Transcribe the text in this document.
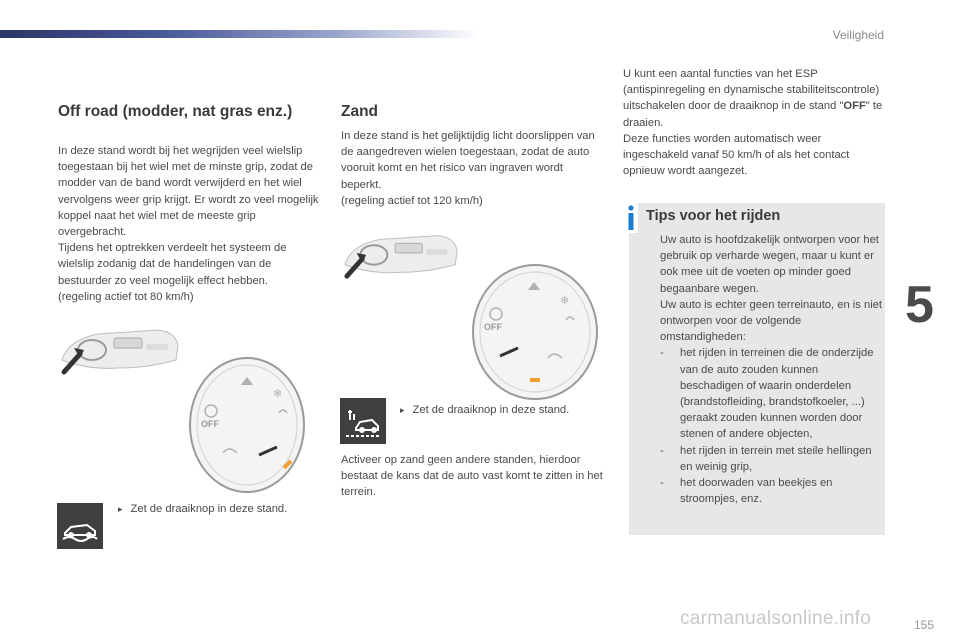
Veiligheid
Off road (modder, nat gras enz.)

In deze stand wordt bij het wegrijden veel wielslip toegestaan bij het wiel met de minste grip, zodat de modder van de band wordt verwijderd en het wiel vervolgens weer grip krijgt. Er wordt zo veel mogelijk koppel naat het wiel met de meeste grip overgebracht.

Tijdens het optrekken verdeelt het systeem de wielslip zodanig dat de handelingen van de bestuurder zo veel mogelijk effect hebben.

(regeling actief tot 80 km/h)

OFF
❄
▸ Zet de draaiknop in deze stand.
Zand

In deze stand is het gelijktijdig licht doorslippen van de aangedreven wielen toegestaan, zodat de auto vooruit komt en het risico van ingraven wordt beperkt.

(regeling actief tot 120 km/h)

OFF
❄
▸ Zet de draaiknop in deze stand.

Activeer op zand geen andere standen, hierdoor bestaat de kans dat de auto vast komt te zitten in het terrein.

U kunt een aantal functies van het ESP (antispinregeling en dynamische stabiliteitscontrole) uitschakelen door de draaiknop in de stand "OFF" te draaien.

Deze functies worden automatisch weer ingeschakeld vanaf 50 km/h of als het contact opnieuw wordt aangezet.

Tips voor het rijden

Uw auto is hoofdzakelijk ontworpen voor het gebruik op verharde wegen, maar u kunt er ook mee uit de voeten op minder goed begaanbare wegen.

Uw auto is echter geen terreinauto, en is niet ontworpen voor de volgende omstandigheden:

-	het rijden in terreinen die de onderzijde van de auto zouden kunnen beschadigen of waarin onderdelen (brandstofleiding, brandstofkoeler, ...) geraakt zouden kunnen worden door stenen of andere objecten,
-	het rijden in terrein met steile hellingen en weinig grip,
-	het doorwaden van beekjes en stroompjes, enz.
5
carmanualsonline.info	155
